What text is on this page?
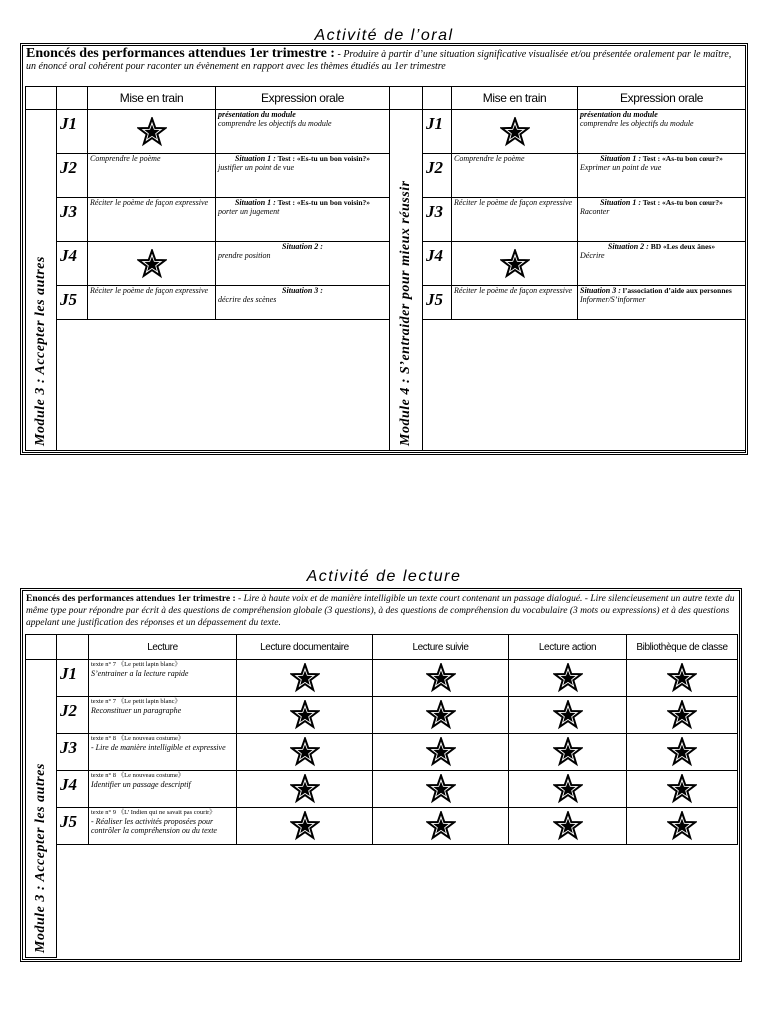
Activité de l’oral
Enoncés des performances attendues 1er trimestre : - Produire à partir d’une situation significative visualisée et/ou présentée oralement par le maître, un énoncé oral cohérent pour raconter un évènement en rapport avec les thèmes étudiés au 1er trimestre
		Mise en train	Expression orale

Module 3 : Accepter les autres	J1		présentation du module
comprendre les objectifs du module
	J2	Comprendre le poème	Situation 1 : Test : «Es-tu un bon voisin?»
justifier un point de vue
	J3	Réciter le poème de façon expressive	Situation 1 : Test : «Es-tu un bon voisin?»
porter un jugement
	J4		Situation 2 :
prendre position
	J5	Réciter le poème de façon expressive	Situation 3 :
décrire des scènes

		Mise en train	Expression orale

Module 4 : S’entraider pour mieux réussir	J1		présentation du module
comprendre les objectifs du module
	J2	Comprendre le poème	Situation 1 : Test : «As-tu bon cœur?»
Exprimer un point de vue
	J3	Réciter le poème de façon expressive	Situation 1 : Test : «As-tu bon cœur?»
Raconter
	J4		Situation 2 : BD «Les deux ânes»
Décrire
	J5	Réciter le poème de façon expressive	Situation 3 : l’association d’aide aux personnes
Informer/S’informer

Activité de lecture
Enoncés des performances attendues 1er trimestre : - Lire à haute voix et de manière intelligible un texte court contenant un passage dialogué. - Lire silencieusement un autre texte du même type pour répondre par écrit à des questions de compréhension globale (3 questions), à des questions de compréhension du vocabulaire (3 mots ou expressions) et à des questions appelant une justification des réponses et un dépassement du texte.
		Lecture	Lecture documentaire	Lecture suivie	Lecture action	Bibliothèque de classe

Module 3 : Accepter les autres	J1	texte n° 7 《Le petit lapin blanc》
S’entrainer a la lecture rapide				
	J2	texte n° 7 《Le petit lapin blanc》
Reconstituer un paragraphe				
	J3	texte n° 8 《Le nouveau costume》
- Lire de manière intelligible et expressive				
	J4	texte n° 8 《Le nouveau costume》
Identifier un passage descriptif				
	J5	texte n° 9 《L’ Indien qui ne savait pas courir》
- Réaliser les activités proposées pour contrôler la compréhension ou du texte				
